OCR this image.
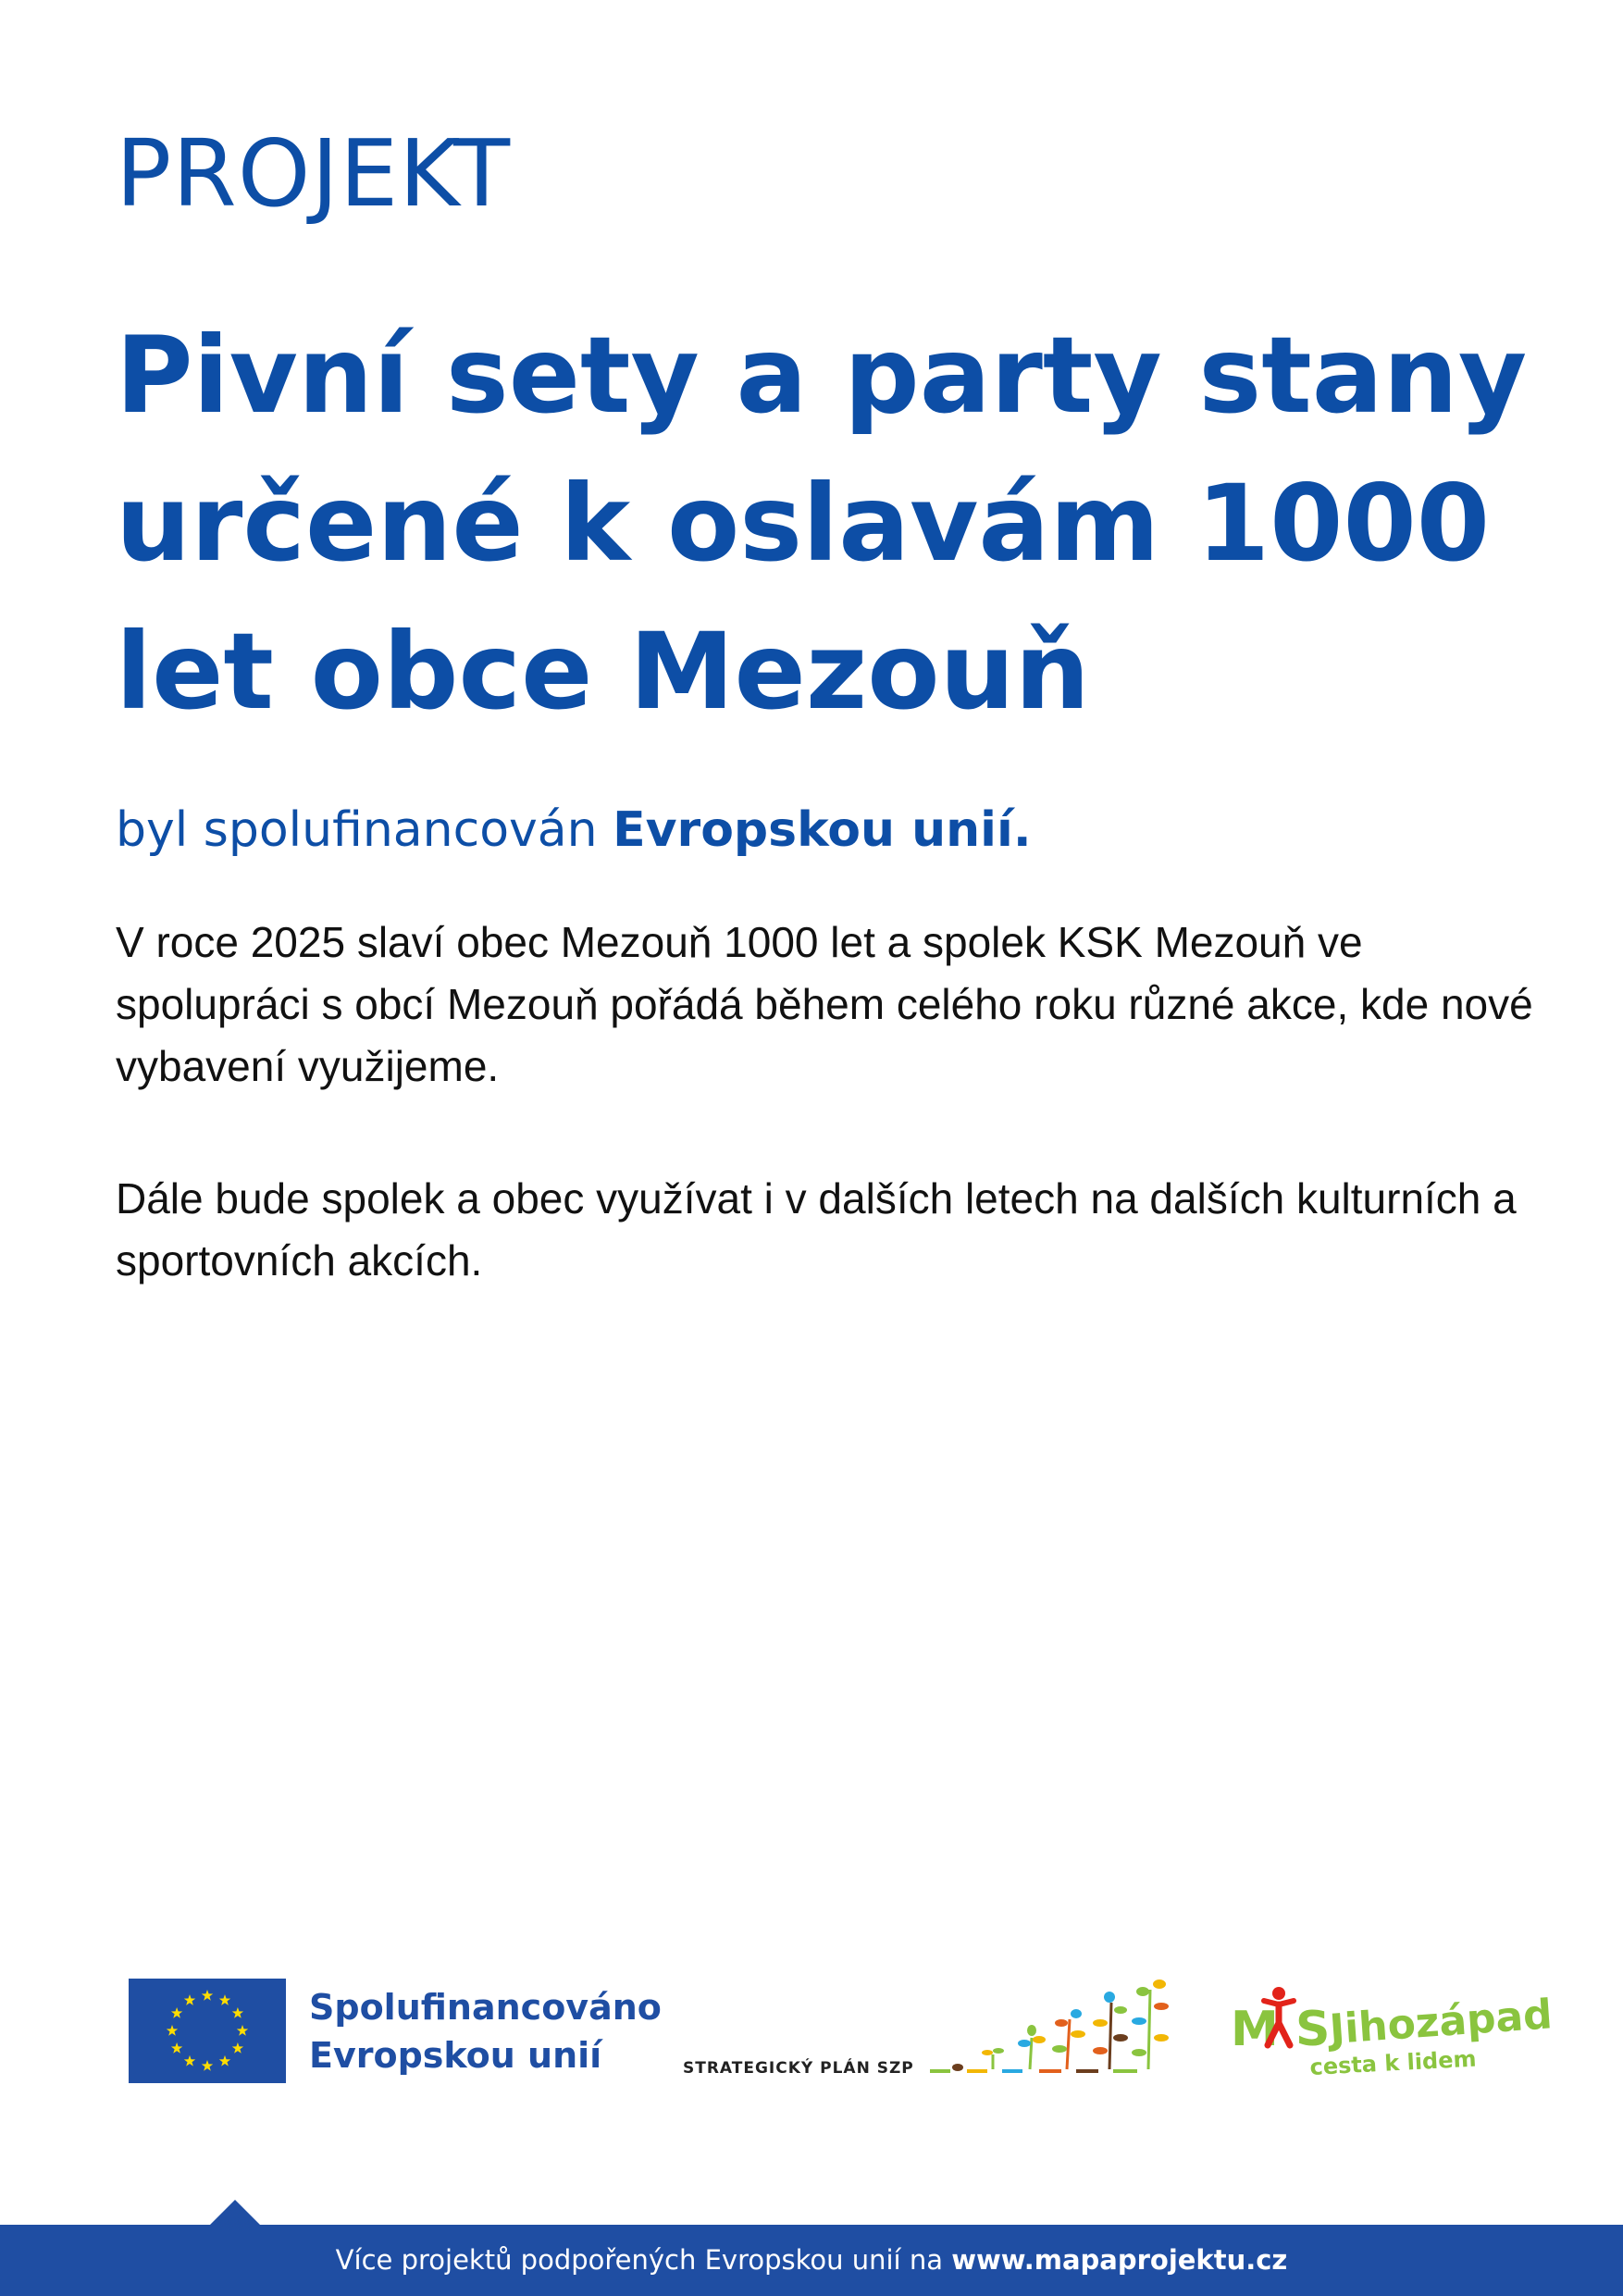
PROJEKT
Pivní sety a party stany určené k oslavám 1000 let obce Mezouň

byl spolufinancován Evropskou unií.

V roce 2025 slaví obec Mezouň 1000 let a spolek KSK Mezouň ve spolupráci s obcí Mezouň pořádá během celého roku různé akce, kde nové vybavení využijeme.

Dále bude spolek a obec využívat i v dalších letech na dalších kulturních a sportovních akcích.

Spolufinancováno
Evropskou unií	STRATEGICKÝ PLÁN SZP

M S
Jihozápad
cesta k lidem

Více projektů podpořených Evropskou unií na www.mapaprojektu.cz
